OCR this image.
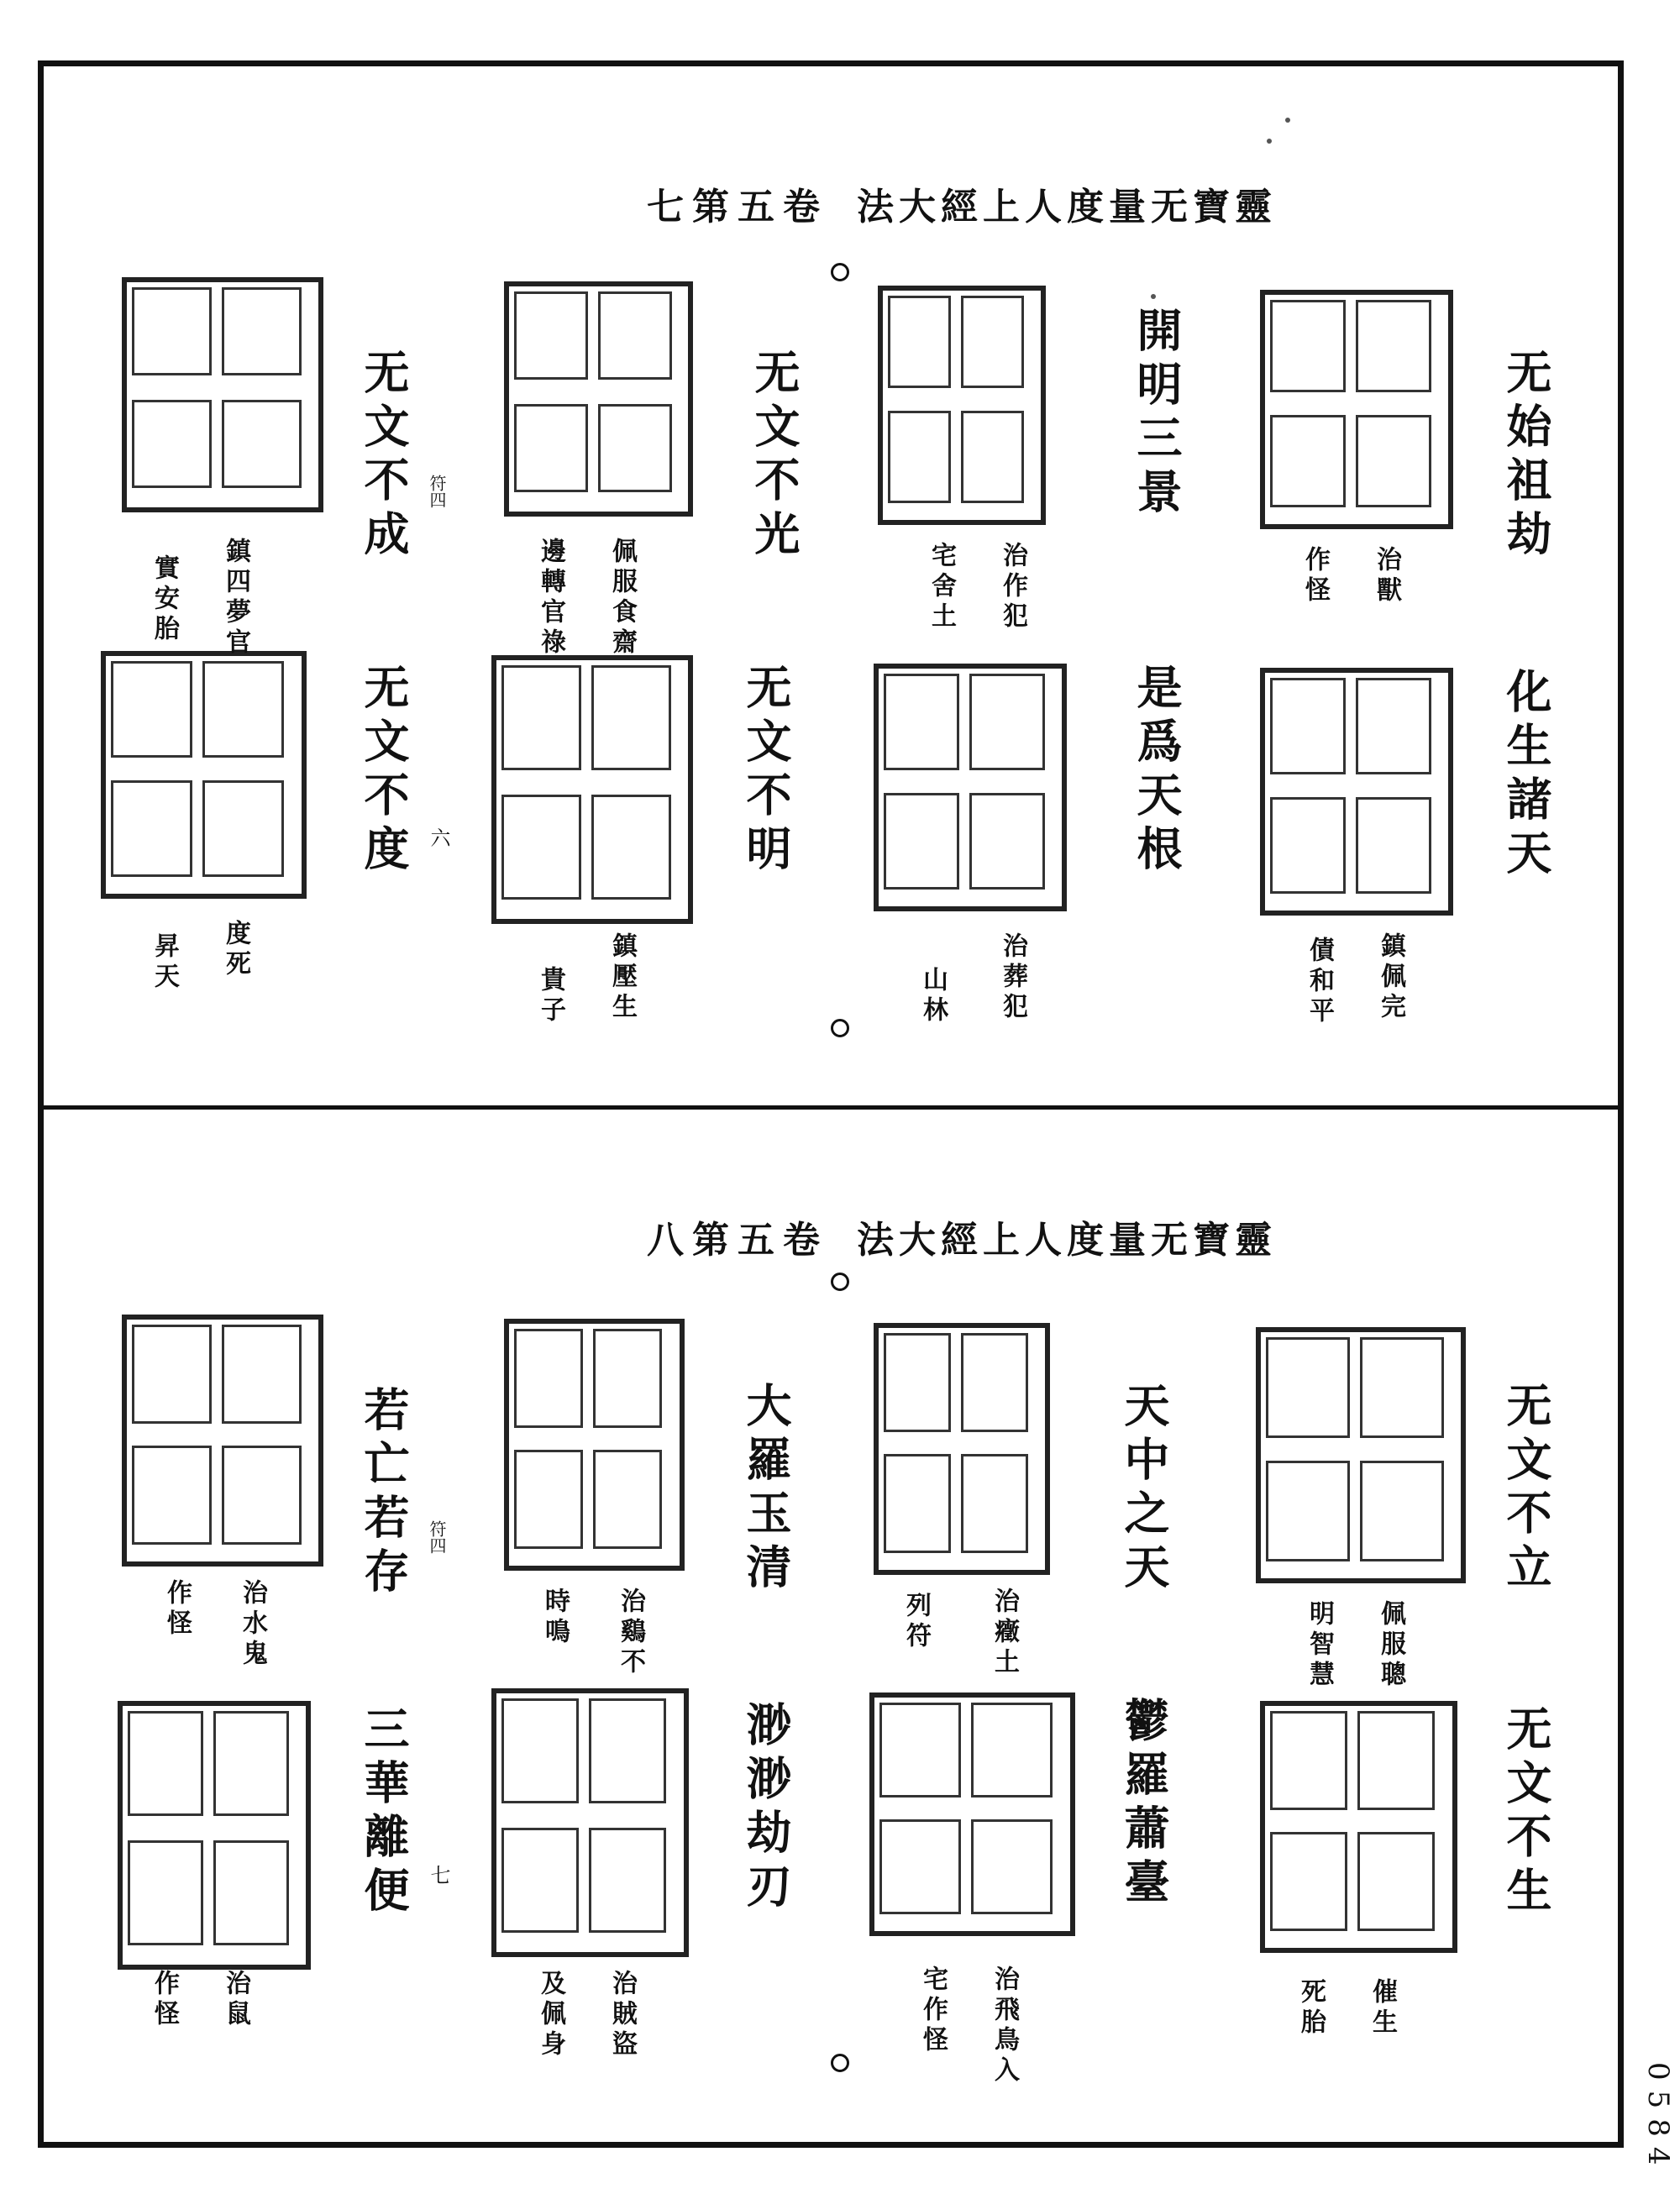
七第五卷 法大經上人度量无寶靈
无始祖劫
開明三景
无文不光
无文不成
化生諸天
是爲天根
无文不明
无文不度
符四
六
治獸
作怪
治作犯
宅舍土
佩服食齋
邊轉官祿
鎮四夢官
實安胎
鎮佩完
債和平
治葬犯
山林
鎮壓生
貴子
度死
昇天
八第五卷 法大經上人度量无寶靈
无文不立
天中之天
大羅玉清
若亡若存
无文不生
鬱羅蕭臺
渺渺劫刃
三華離便
符四
七
佩服聰
明智慧
治癥土
列符
治鷄不
時鳴
治水鬼
作怪
催生
死胎
治飛鳥入
宅作怪
治賊盜
及佩身
治鼠
作怪
0584
